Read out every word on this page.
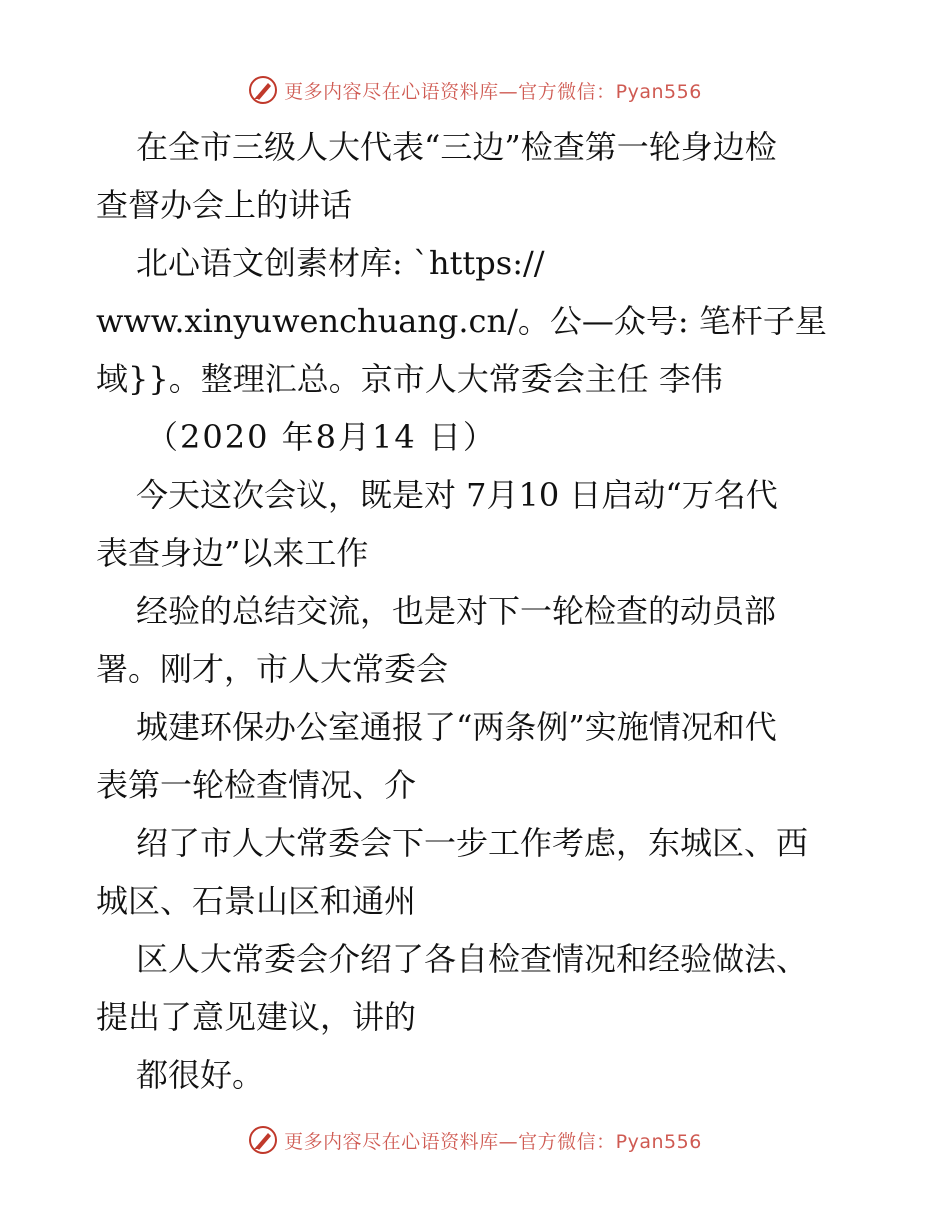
更多内容尽在心语资料库—官方微信：Pyan556
在全市三级人大代表“三边”检查第一轮身边检
查督办会上的讲话
北心语文创素材库: `https://
www.xinyuwenchuang.cn/。公—众号: 笔杆子星
域}}。整理汇总。京市人大常委会主任 李伟
（2020 年8月14 日）
今天这次会议，既是对 7月10 日启动“万名代
表查身边”以来工作
经验的总结交流，也是对下一轮检查的动员部
署。刚才，市人大常委会
城建环保办公室通报了“两条例”实施情况和代
表第一轮检查情况、介
绍了市人大常委会下一步工作考虑，东城区、西
城区、石景山区和通州
区人大常委会介绍了各自检查情况和经验做法、
提出了意见建议，讲的
都很好。
更多内容尽在心语资料库—官方微信：Pyan556
